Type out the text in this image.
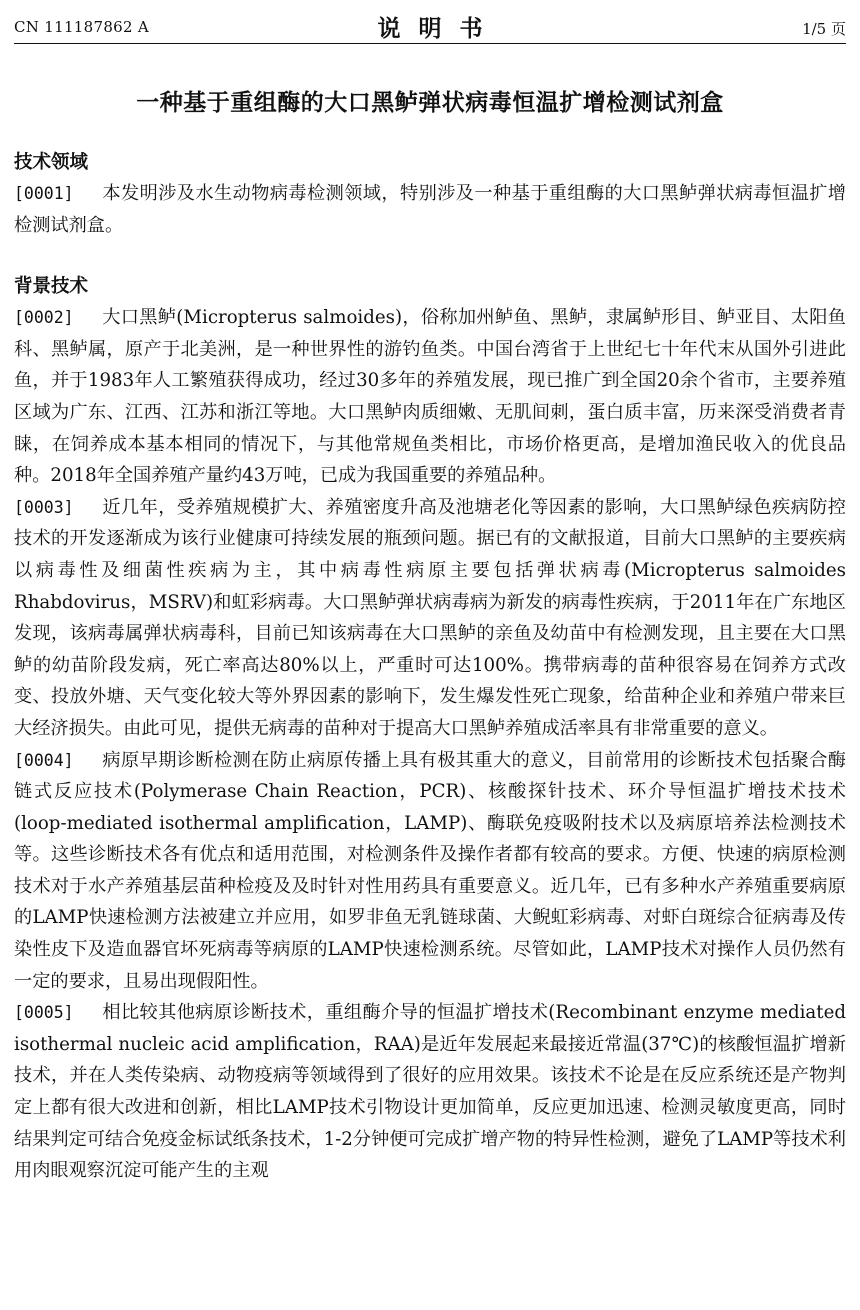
CN 111187862 A	说明书	1/5 页
一种基于重组酶的大口黑鲈弹状病毒恒温扩增检测试剂盒

技术领域

[0001] 本发明涉及水生动物病毒检测领域，特别涉及一种基于重组酶的大口黑鲈弹状病毒恒温扩增检测试剂盒。

背景技术

[0002] 大口黑鲈(Micropterus salmoides)，俗称加州鲈鱼、黑鲈，隶属鲈形目、鲈亚目、太阳鱼科、黑鲈属，原产于北美洲，是一种世界性的游钓鱼类。中国台湾省于上世纪七十年代末从国外引进此鱼，并于1983年人工繁殖获得成功，经过30多年的养殖发展，现已推广到全国20余个省市，主要养殖区域为广东、江西、江苏和浙江等地。大口黑鲈肉质细嫩、无肌间刺，蛋白质丰富，历来深受消费者青睐，在饲养成本基本相同的情况下，与其他常规鱼类相比，市场价格更高，是增加渔民收入的优良品种。2018年全国养殖产量约43万吨，已成为我国重要的养殖品种。

[0003] 近几年，受养殖规模扩大、养殖密度升高及池塘老化等因素的影响，大口黑鲈绿色疾病防控技术的开发逐渐成为该行业健康可持续发展的瓶颈问题。据已有的文献报道，目前大口黑鲈的主要疾病以病毒性及细菌性疾病为主，其中病毒性病原主要包括弹状病毒(Micropterus salmoides Rhabdovirus，MSRV)和虹彩病毒。大口黑鲈弹状病毒病为新发的病毒性疾病，于2011年在广东地区发现，该病毒属弹状病毒科，目前已知该病毒在大口黑鲈的亲鱼及幼苗中有检测发现，且主要在大口黑鲈的幼苗阶段发病，死亡率高达80%以上，严重时可达100%。携带病毒的苗种很容易在饲养方式改变、投放外塘、天气变化较大等外界因素的影响下，发生爆发性死亡现象，给苗种企业和养殖户带来巨大经济损失。由此可见，提供无病毒的苗种对于提高大口黑鲈养殖成活率具有非常重要的意义。

[0004] 病原早期诊断检测在防止病原传播上具有极其重大的意义，目前常用的诊断技术包括聚合酶链式反应技术(Polymerase Chain Reaction，PCR)、核酸探针技术、环介导恒温扩增技术技术(loop-mediated isothermal amplification，LAMP)、酶联免疫吸附技术以及病原培养法检测技术等。这些诊断技术各有优点和适用范围，对检测条件及操作者都有较高的要求。方便、快速的病原检测技术对于水产养殖基层苗种检疫及及时针对性用药具有重要意义。近几年，已有多种水产养殖重要病原的LAMP快速检测方法被建立并应用，如罗非鱼无乳链球菌、大鲵虹彩病毒、对虾白斑综合征病毒及传染性皮下及造血器官坏死病毒等病原的LAMP快速检测系统。尽管如此，LAMP技术对操作人员仍然有一定的要求，且易出现假阳性。

[0005] 相比较其他病原诊断技术，重组酶介导的恒温扩增技术(Recombinant enzyme mediated isothermal nucleic acid amplification，RAA)是近年发展起来最接近常温(37℃)的核酸恒温扩增新技术，并在人类传染病、动物疫病等领域得到了很好的应用效果。该技术不论是在反应系统还是产物判定上都有很大改进和创新，相比LAMP技术引物设计更加简单，反应更加迅速、检测灵敏度更高，同时结果判定可结合免疫金标试纸条技术，1-2分钟便可完成扩增产物的特异性检测，避免了LAMP等技术利用肉眼观察沉淀可能产生的主观
